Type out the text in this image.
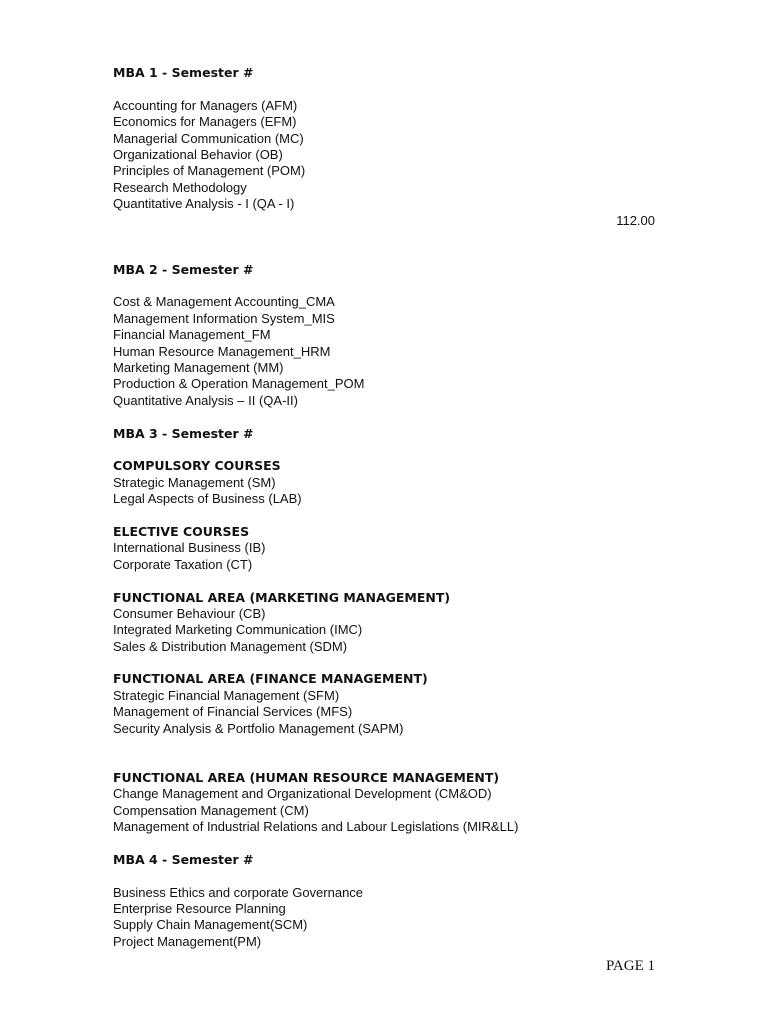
MBA 1 - Semester #
Accounting for Managers (AFM)
Economics for Managers (EFM)
Managerial Communication (MC)
Organizational Behavior (OB)
Principles of Management (POM)
Research Methodology
Quantitative Analysis - I (QA - I)
112.00
MBA 2 - Semester #
Cost & Management Accounting_CMA
Management Information System_MIS
Financial Management_FM
Human Resource Management_HRM
Marketing Management (MM)
Production & Operation Management_POM
Quantitative Analysis – II (QA-II)
MBA 3 - Semester #
COMPULSORY COURSES
Strategic Management (SM)
Legal Aspects of Business (LAB)
ELECTIVE COURSES
International Business (IB)
Corporate Taxation (CT)
FUNCTIONAL AREA (MARKETING MANAGEMENT)
Consumer Behaviour (CB)
Integrated Marketing Communication (IMC)
Sales & Distribution Management (SDM)
FUNCTIONAL AREA (FINANCE MANAGEMENT)
Strategic Financial Management (SFM)
Management of Financial Services (MFS)
Security Analysis & Portfolio Management (SAPM)
FUNCTIONAL AREA (HUMAN RESOURCE MANAGEMENT)
Change Management and Organizational Development (CM&OD)
Compensation Management (CM)
Management of Industrial Relations and Labour Legislations (MIR&LL)
MBA 4 - Semester #
Business Ethics and corporate Governance
Enterprise Resource Planning
Supply Chain Management(SCM)
Project Management(PM)
PAGE 1
